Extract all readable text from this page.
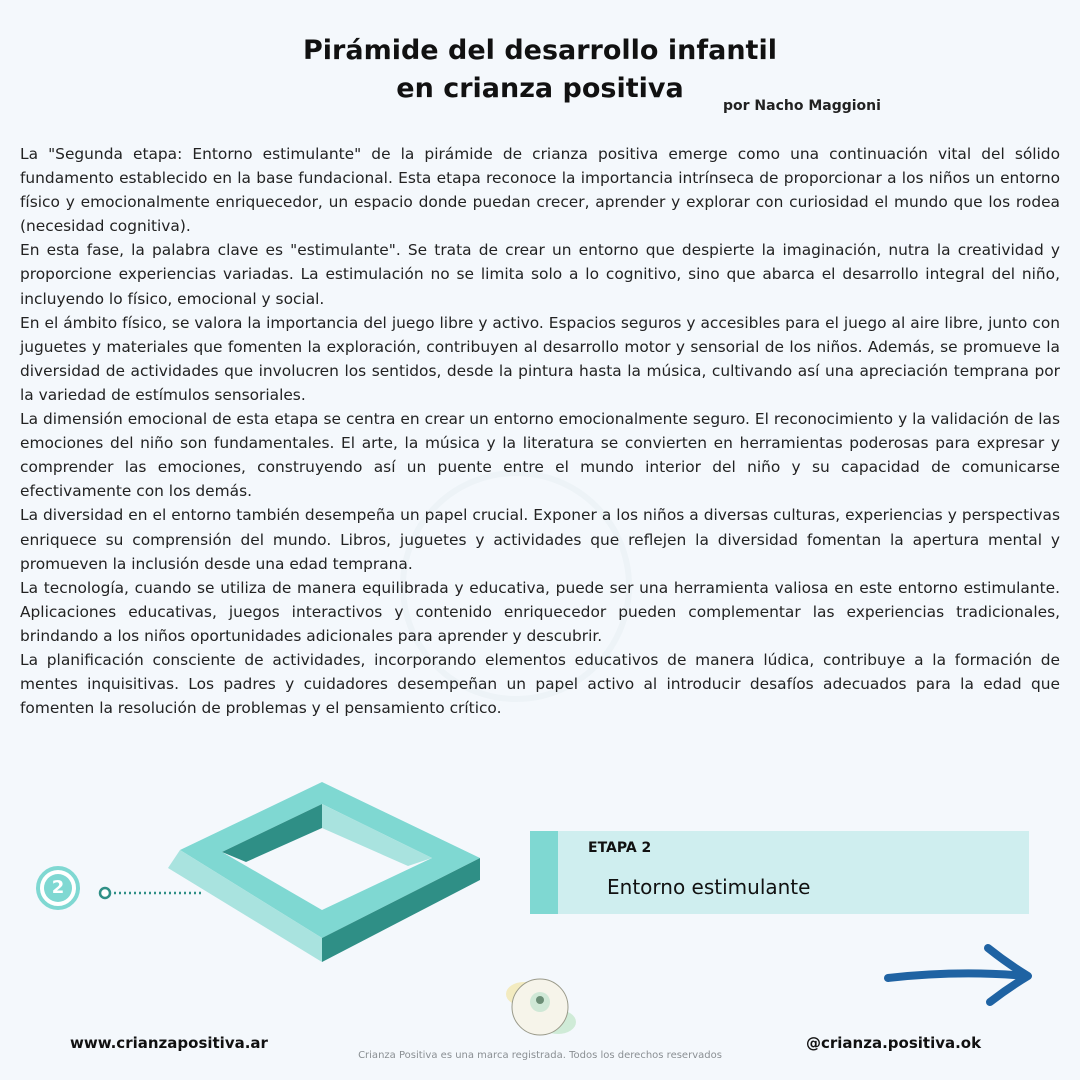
Pirámide del desarrollo infantil
en crianza positiva
por Nacho Maggioni

La "Segunda etapa: Entorno estimulante" de la pirámide de crianza positiva emerge como una continuación vital del sólido fundamento establecido en la base fundacional. Esta etapa reconoce la importancia intrínseca de proporcionar a los niños un entorno físico y emocionalmente enriquecedor, un espacio donde puedan crecer, aprender y explorar con curiosidad el mundo que los rodea (necesidad cognitiva).

En esta fase, la palabra clave es "estimulante". Se trata de crear un entorno que despierte la imaginación, nutra la creatividad y proporcione experiencias variadas. La estimulación no se limita solo a lo cognitivo, sino que abarca el desarrollo integral del niño, incluyendo lo físico, emocional y social.

En el ámbito físico, se valora la importancia del juego libre y activo. Espacios seguros y accesibles para el juego al aire libre, junto con juguetes y materiales que fomenten la exploración, contribuyen al desarrollo motor y sensorial de los niños. Además, se promueve la diversidad de actividades que involucren los sentidos, desde la pintura hasta la música, cultivando así una apreciación temprana por la variedad de estímulos sensoriales.

La dimensión emocional de esta etapa se centra en crear un entorno emocionalmente seguro. El reconocimiento y la validación de las emociones del niño son fundamentales. El arte, la música y la literatura se convierten en herramientas poderosas para expresar y comprender las emociones, construyendo así un puente entre el mundo interior del niño y su capacidad de comunicarse efectivamente con los demás.

La diversidad en el entorno también desempeña un papel crucial. Exponer a los niños a diversas culturas, experiencias y perspectivas enriquece su comprensión del mundo. Libros, juguetes y actividades que reflejen la diversidad fomentan la apertura mental y promueven la inclusión desde una edad temprana.

La tecnología, cuando se utiliza de manera equilibrada y educativa, puede ser una herramienta valiosa en este entorno estimulante. Aplicaciones educativas, juegos interactivos y contenido enriquecedor pueden complementar las experiencias tradicionales, brindando a los niños oportunidades adicionales para aprender y descubrir.

La planificación consciente de actividades, incorporando elementos educativos de manera lúdica, contribuye a la formación de mentes inquisitivas. Los padres y cuidadores desempeñan un papel activo al introducir desafíos adecuados para la edad que fomenten la resolución de problemas y el pensamiento crítico.

2
ETAPA 2
Entorno estimulante
www.crianzapositiva.ar	@crianza.positiva.ok
Crianza Positiva es una marca registrada. Todos los derechos reservados
